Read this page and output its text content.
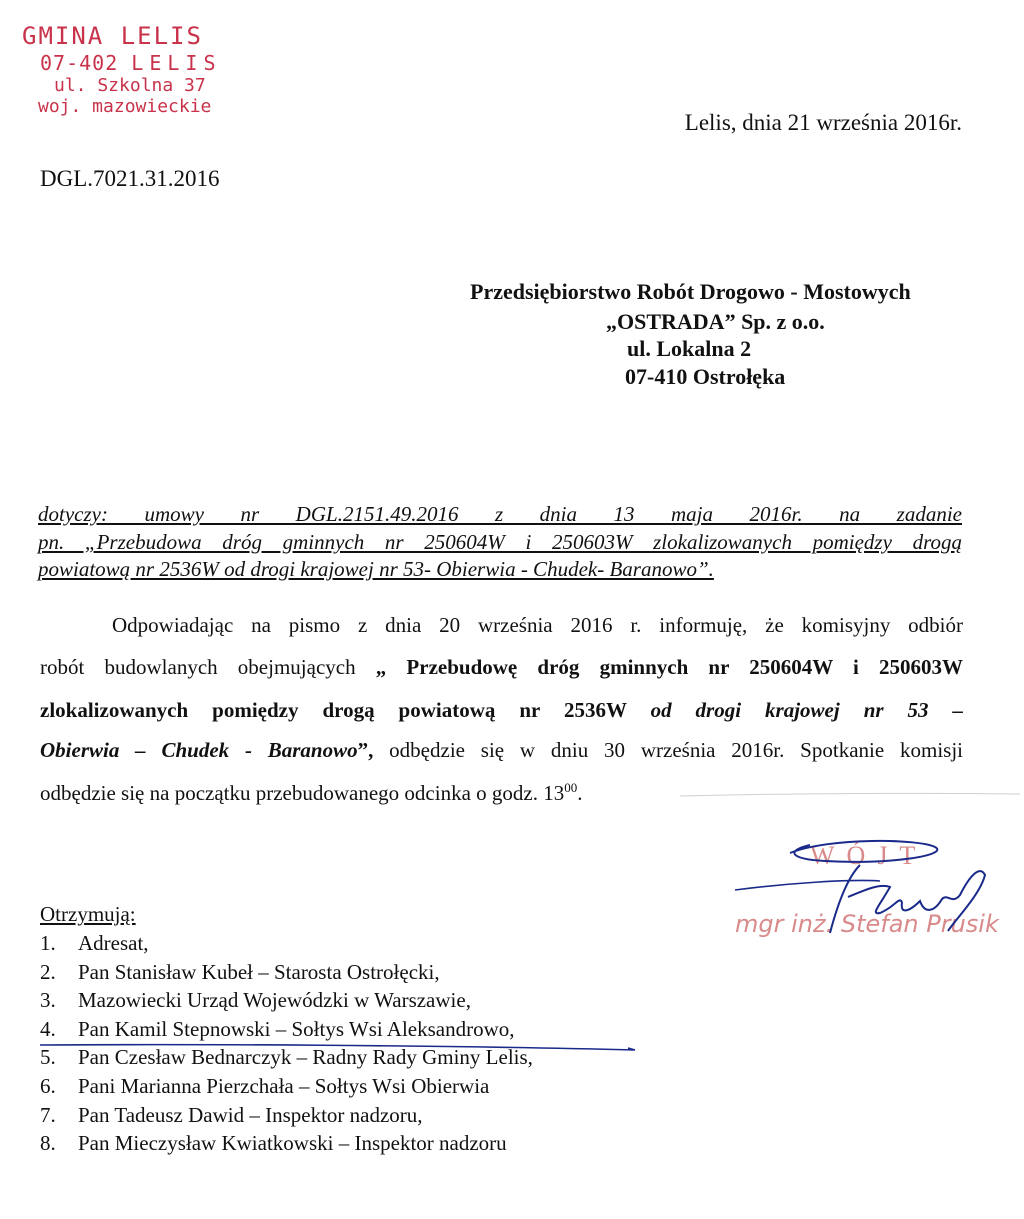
GMINA LELIS
07-402 LELIS
ul. Szkolna 37
woj. mazowieckie
Lelis, dnia 21 września 2016r.
DGL.7021.31.2016
Przedsiębiorstwo Robót Drogowo - Mostowych
„OSTRADA” Sp. z o.o.
ul. Lokalna 2
07-410 Ostrołęka
dotyczy: umowy nr DGL.2151.49.2016 z dnia 13 maja 2016r. na zadanie
pn. „Przebudowa dróg gminnych nr 250604W i 250603W zlokalizowanych pomiędzy drogą
powiatową nr 2536W od drogi krajowej nr 53- Obierwia - Chudek- Baranowo”.
Odpowiadając na pismo z dnia 20 września 2016 r. informuję, że komisyjny odbiór
robót budowlanych obejmujących „ Przebudowę dróg gminnych nr 250604W i 250603W
zlokalizowanych pomiędzy drogą powiatową nr 2536W od drogi krajowej nr 53 –
Obierwia – Chudek - Baranowo”, odbędzie się w dniu 30 września 2016r. Spotkanie komisji
odbędzie się na początku przebudowanego odcinka o godz. $13^{00}$.
WÓJT
mgr inż. Stefan Prusik
Otrzymują:
1. Adresat,
2. Pan Stanisław Kubeł – Starosta Ostrołęcki,
3. Mazowiecki Urząd Wojewódzki w Warszawie,
4. Pan Kamil Stepnowski – Sołtys Wsi Aleksandrowo,
5. Pan Czesław Bednarczyk – Radny Rady Gminy Lelis,
6. Pani Marianna Pierzchała – Sołtys Wsi Obierwia
7. Pan Tadeusz Dawid – Inspektor nadzoru,
8. Pan Mieczysław Kwiatkowski – Inspektor nadzoru
